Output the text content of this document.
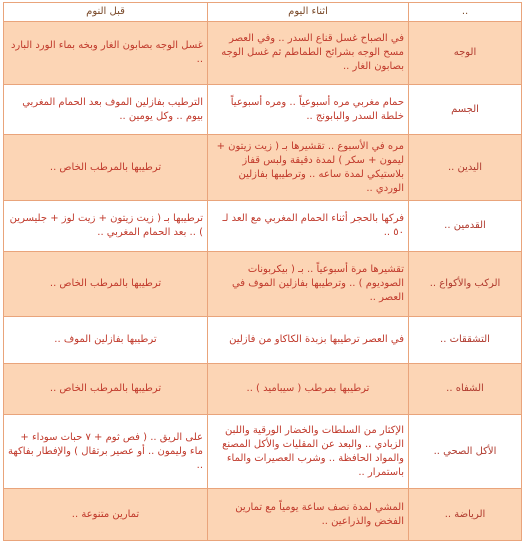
..	اثناء اليوم	قبل النوم
الوجه	في الصباح غسل قناع السدر .. وفي العصر مسح الوجه بشرائح الطماطم ثم غسل الوجه بصابون الغار ..	غسل الوجه بصابون الغار وبخه بماء الورد البارد ..
الجسم	حمام مغربي مره أسبوعياً .. ومره أسبوعياً خلطة السدر والبابونج ..	الترطيب بفازلين الموف بعد الحمام المغربي بيوم .. وكل يومين ..
اليدين ..	مره في الأسبوع .. تقشيرها بـ ( زيت زيتون + ليمون + سكر ) لمدة دقيقة ولبس قفاز بلاستيكي لمدة ساعه .. وترطيبها بفازلين الوردي ..	ترطيبها بالمرطب الخاص ..
القدمين ..	فركها بالحجر أثناء الحمام المغربي مع العد لـ ٥٠ ..	ترطيبها بـ ( زيت زيتون + زيت لوز + جليسرين ) .. بعد الحمام المغربي ..
الركب والأكواع ..	تقشيرها مرة أسبوعياً .. بـ ( بيكربونات الصوديوم ) .. وترطيبها بفازلين الموف في العصر ..	ترطيبها بالمرطب الخاص ..
التشققات ..	في العصر ترطيبها بزبدة الكاكاو من فازلين	ترطيبها بفازلين الموف ..
الشفاه ..	ترطيبها بمرطب ( سيباميد ) ..	ترطيبها بالمرطب الخاص ..
الأكل الصحي ..	الإكثار من السلطات والخضار الورقية واللبن الزبادي .. والبعد عن المقليات والأكل المصنع والمواد الحافظة .. وشرب العصيرات والماء باستمرار ..	على الريق .. ( فص ثوم + ٧ حبات سوداء + ماء وليمون .. أو عصير برتقال ) والإفطار بفاكهة ..
الرياضة ..	المشي لمدة نصف ساعة يومياً مع تمارين الفخض والذراعين ..	تمارين متنوعة ..
